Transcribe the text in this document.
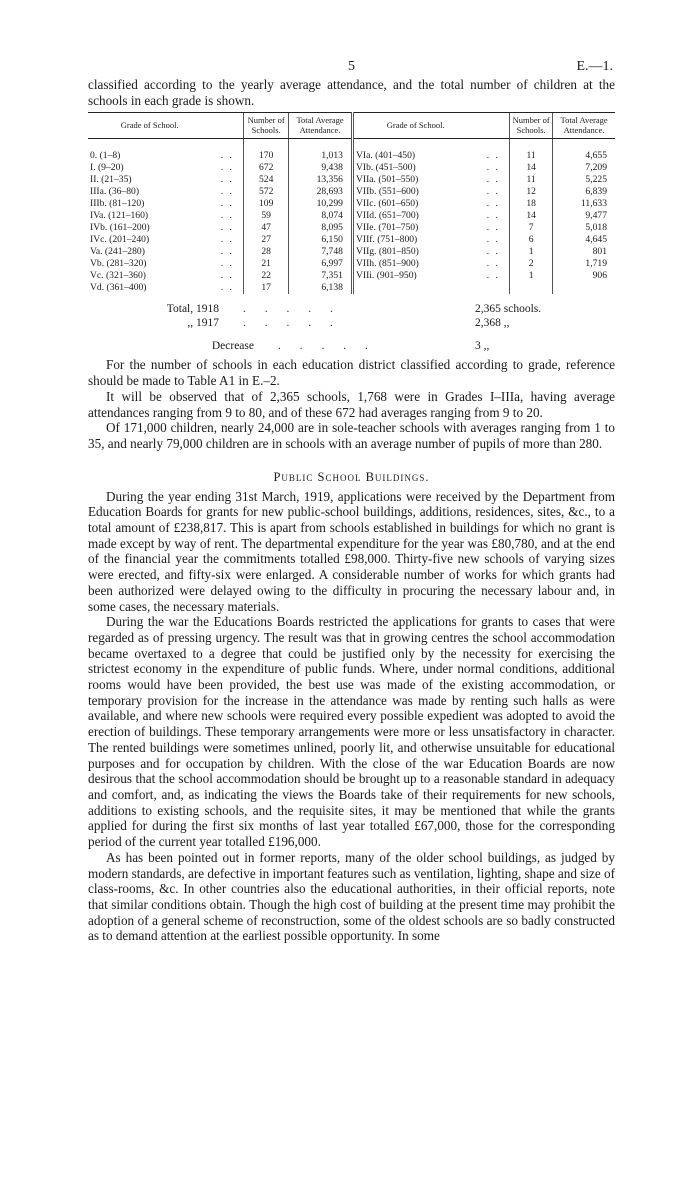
5	E.—1.

classified according to the yearly average attendance, and the total number of children at the schools in each grade is shown.

Grade of School.		Number of Schools.	Total Average Attendance.	Grade of School.		Number of Schools.	Total Average Attendance.
0. (1–8)	. .	170	1,013	VIa. (401–450)	. .	11	4,655
I. (9–20)	. .	672	9,438	VIb. (451–500)	. .	14	7,209
II. (21–35)	. .	524	13,356	VIIa. (501–550)	. .	11	5,225
IIIa. (36–80)	. .	572	28,693	VIIb. (551–600)	. .	12	6,839
IIIb. (81–120)	. .	109	10,299	VIIc. (601–650)	. .	18	11,633
IVa. (121–160)	. .	59	8,074	VIId. (651–700)	. .	14	9,477
IVb. (161–200)	. .	47	8,095	VIIe. (701–750)	. .	7	5,018
IVc. (201–240)	. .	27	6,150	VIIf. (751–800)	. .	6	4,645
Va. (241–280)	. .	28	7,748	VIIg. (801–850)	. .	1	801
Vb. (281–320)	. .	21	6,997	VIIh. (851–900)	. .	2	1,719
Vc. (321–360)	. .	22	7,351	VIIi. (901–950)	. .	1	906
Vd. (361–400)	. .	17	6,138				
Total, 1918	. . . . .	2,365 schools.
,, 1917	. . . . .	2,368 ,,
Decrease	. . . . .	3 ,,

For the number of schools in each education district classified according to grade, reference should be made to Table A1 in E.–2.

It will be observed that of 2,365 schools, 1,768 were in Grades I–IIIa, having average attendances ranging from 9 to 80, and of these 672 had averages ranging from 9 to 20.

Of 171,000 children, nearly 24,000 are in sole-teacher schools with averages ranging from 1 to 35, and nearly 79,000 children are in schools with an average number of pupils of more than 280.

Public School Buildings.

During the year ending 31st March, 1919, applications were received by the Department from Education Boards for grants for new public-school buildings, additions, residences, sites, &c., to a total amount of £238,817. This is apart from schools established in buildings for which no grant is made except by way of rent. The departmental expenditure for the year was £80,780, and at the end of the financial year the commitments totalled £98,000. Thirty-five new schools of varying sizes were erected, and fifty-six were enlarged. A considerable number of works for which grants had been authorized were delayed owing to the difficulty in procuring the necessary labour and, in some cases, the necessary materials.

During the war the Educations Boards restricted the applications for grants to cases that were regarded as of pressing urgency. The result was that in growing centres the school accommodation became overtaxed to a degree that could be justified only by the necessity for exercising the strictest economy in the expenditure of public funds. Where, under normal conditions, additional rooms would have been provided, the best use was made of the existing accommodation, or temporary provision for the increase in the attendance was made by renting such halls as were available, and where new schools were required every possible expedient was adopted to avoid the erection of buildings. These temporary arrangements were more or less unsatisfactory in character. The rented buildings were sometimes unlined, poorly lit, and otherwise unsuitable for educational purposes and for occupation by children. With the close of the war Education Boards are now desirous that the school accommodation should be brought up to a reasonable standard in adequacy and comfort, and, as indicating the views the Boards take of their requirements for new schools, additions to existing schools, and the requisite sites, it may be mentioned that while the grants applied for during the first six months of last year totalled £67,000, those for the corresponding period of the current year totalled £196,000.

As has been pointed out in former reports, many of the older school buildings, as judged by modern standards, are defective in important features such as ventilation, lighting, shape and size of class-rooms, &c. In other countries also the educational authorities, in their official reports, note that similar conditions obtain. Though the high cost of building at the present time may prohibit the adoption of a general scheme of reconstruction, some of the oldest schools are so badly constructed as to demand attention at the earliest possible opportunity. In some
